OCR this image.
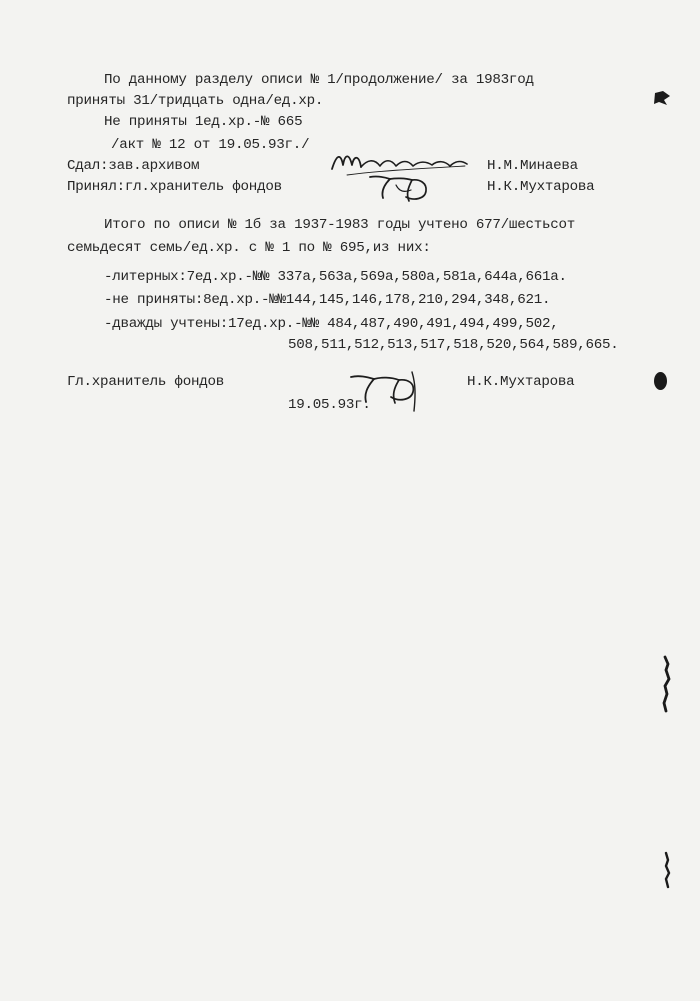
По данному разделу описи № 1/продолжение/ за 1983год
приняты 31/тридцать одна/ед.хр.
Не приняты 1ед.хр.-№ 665
/акт № 12 от 19.05.93г./
Сдал:зав.архивом	Н.М.Минаева
Принял:гл.хранитель фондов	Н.К.Мухтарова
Итого по описи № 1б за 1937-1983 годы учтено 677/шестьсот
семьдесят семь/ед.хр. с № 1 по № 695,из них:
-литерных:7ед.хр.-№№ 337а,563а,569а,580а,581а,644а,661а.
-не приняты:8ед.хр.-№№144,145,146,178,210,294,348,621.
-дважды учтены:17ед.хр.-№№ 484,487,490,491,494,499,502,
508,511,512,513,517,518,520,564,589,665.
Гл.хранитель фондов	Н.К.Мухтарова
19.05.93г.
